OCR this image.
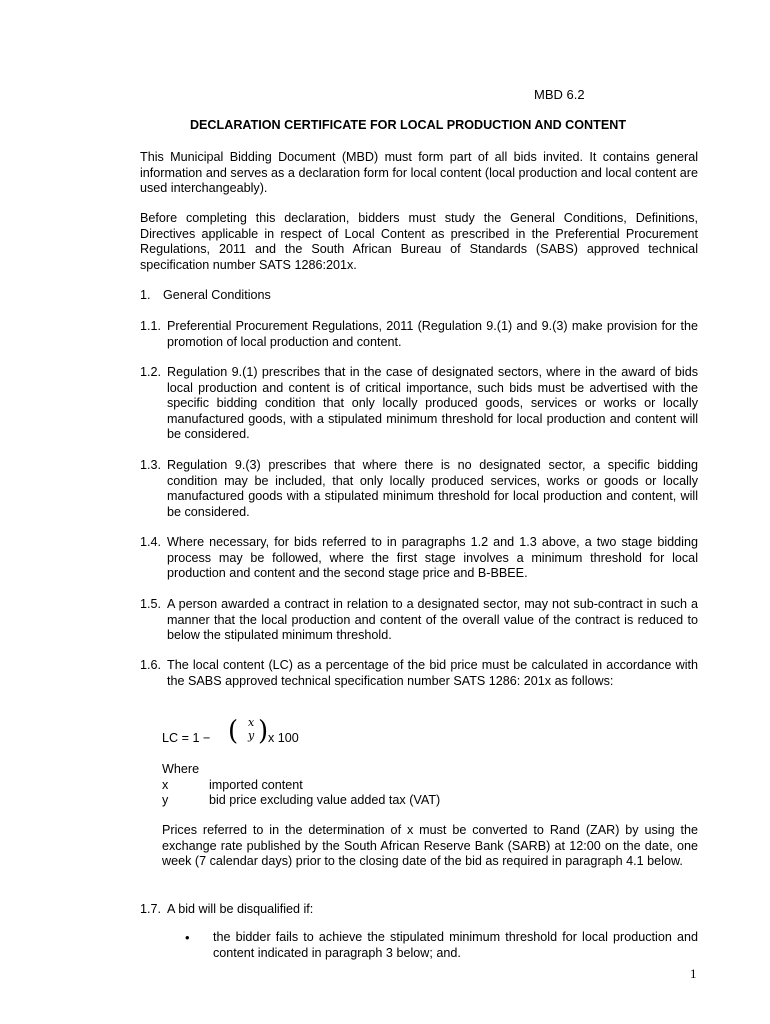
MBD 6.2
DECLARATION CERTIFICATE FOR LOCAL PRODUCTION AND CONTENT

This Municipal Bidding Document (MBD) must form part of all bids invited. It contains general information and serves as a declaration form for local content (local production and local content are used interchangeably).

Before completing this declaration, bidders must study the General Conditions, Definitions, Directives applicable in respect of Local Content as prescribed in the Preferential Procurement Regulations, 2011 and the South African Bureau of Standards (SABS) approved technical specification number SATS 1286:201x.

1. General Conditions
1.1. Preferential Procurement Regulations, 2011 (Regulation 9.(1) and 9.(3) make provision for the promotion of local production and content.
1.2. Regulation 9.(1) prescribes that in the case of designated sectors, where in the award of bids local production and content is of critical importance, such bids must be advertised with the specific bidding condition that only locally produced goods, services or works or locally manufactured goods, with a stipulated minimum threshold for local production and content will be considered.
1.3. Regulation 9.(3) prescribes that where there is no designated sector, a specific bidding condition may be included, that only locally produced services, works or goods or locally manufactured goods with a stipulated minimum threshold for local production and content, will be considered.
1.4. Where necessary, for bids referred to in paragraphs 1.2 and 1.3 above, a two stage bidding process may be followed, where the first stage involves a minimum threshold for local production and content and the second stage price and B-BBEE.
1.5. A person awarded a contract in relation to a designated sector, may not sub-contract in such a manner that the local production and content of the overall value of the contract is reduced to below the stipulated minimum threshold.
1.6. The local content (LC) as a percentage of the bid price must be calculated in accordance with the SABS approved technical specification number SATS 1286: 201x as follows:
LC = 1 − ( x
y ) x 100
Where
x	imported content
y	bid price excluding value added tax (VAT)

Prices referred to in the determination of x must be converted to Rand (ZAR) by using the exchange rate published by the South African Reserve Bank (SARB) at 12:00 on the date, one week (7 calendar days) prior to the closing date of the bid as required in paragraph 4.1 below.

1.7. A bid will be disqualified if:
• the bidder fails to achieve the stipulated minimum threshold for local production and content indicated in paragraph 3 below; and.
1
